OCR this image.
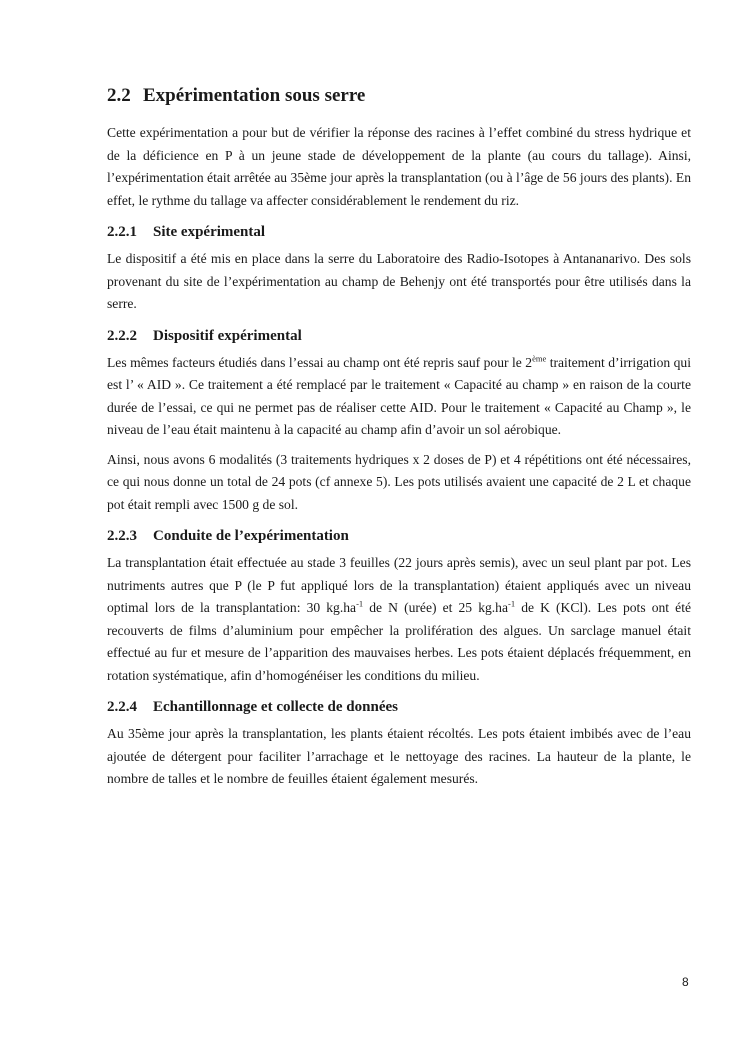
2.2 Expérimentation sous serre

Cette expérimentation a pour but de vérifier la réponse des racines à l’effet combiné du stress hydrique et de la déficience en P à un jeune stade de développement de la plante (au cours du tallage). Ainsi, l’expérimentation était arrêtée au 35ème jour après la transplantation (ou à l’âge de 56 jours des plants). En effet, le rythme du tallage va affecter considérablement le rendement du riz.

2.2.1 Site expérimental

Le dispositif a été mis en place dans la serre du Laboratoire des Radio-Isotopes à Antananarivo. Des sols provenant du site de l’expérimentation au champ de Behenjy ont été transportés pour être utilisés dans la serre.

2.2.2 Dispositif expérimental

Les mêmes facteurs étudiés dans l’essai au champ ont été repris sauf pour le 2ème traitement d’irrigation qui est l’ « AID ». Ce traitement a été remplacé par le traitement « Capacité au champ » en raison de la courte durée de l’essai, ce qui ne permet pas de réaliser cette AID. Pour le traitement « Capacité au Champ », le niveau de l’eau était maintenu à la capacité au champ afin d’avoir un sol aérobique.

Ainsi, nous avons 6 modalités (3 traitements hydriques x 2 doses de P) et 4 répétitions ont été nécessaires, ce qui nous donne un total de 24 pots (cf annexe 5). Les pots utilisés avaient une capacité de 2 L et chaque pot était rempli avec 1500 g de sol.

2.2.3 Conduite de l’expérimentation

La transplantation était effectuée au stade 3 feuilles (22 jours après semis), avec un seul plant par pot. Les nutriments autres que P (le P fut appliqué lors de la transplantation) étaient appliqués avec un niveau optimal lors de la transplantation: 30 $kg.ha^{-1}$ de N (urée) et 25 $kg.ha^{-1}$ de K (KCl). Les pots ont été recouverts de films d’aluminium pour empêcher la prolifération des algues. Un sarclage manuel était effectué au fur et mesure de l’apparition des mauvaises herbes. Les pots étaient déplacés fréquemment, en rotation systématique, afin d’homogénéiser les conditions du milieu.

2.2.4 Echantillonnage et collecte de données

Au 35ème jour après la transplantation, les plants étaient récoltés. Les pots étaient imbibés avec de l’eau ajoutée de détergent pour faciliter l’arrachage et le nettoyage des racines. La hauteur de la plante, le nombre de talles et le nombre de feuilles étaient également mesurés.

8
